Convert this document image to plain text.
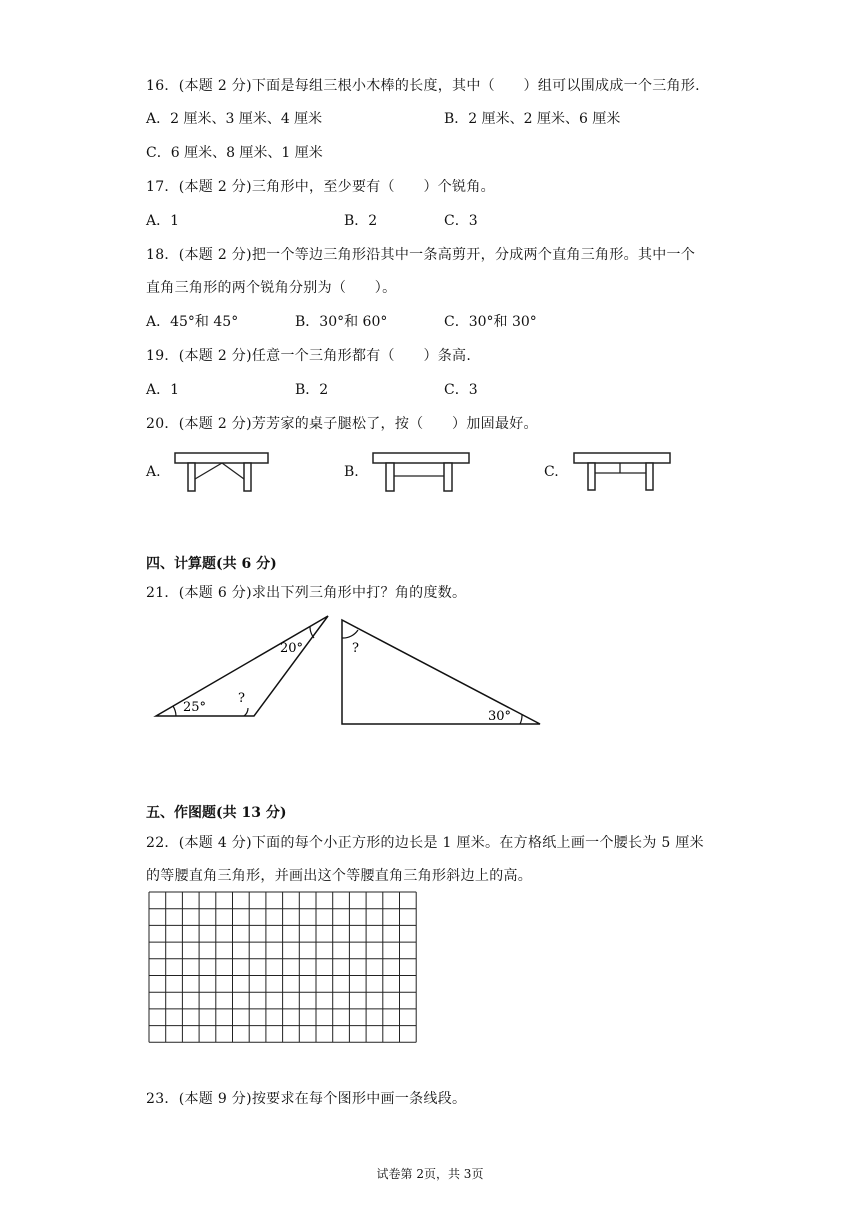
16．(本题 2 分)下面是每组三根小木棒的长度，其中（　　）组可以围成成一个三角形.
A．2 厘米、3 厘米、4 厘米	B．2 厘米、2 厘米、6 厘米
C．6 厘米、8 厘米、1 厘米
17．(本题 2 分)三角形中，至少要有（　　）个锐角。
A．1	B．2	C．3
18．(本题 2 分)把一个等边三角形沿其中一条高剪开，分成两个直角三角形。其中一个
直角三角形的两个锐角分别为（　　）。
A．45°和 45°	B．30°和 60°	C．30°和 30°
19．(本题 2 分)任意一个三角形都有（　　）条高.
A．1	B．2	C．3
20．(本题 2 分)芳芳家的桌子腿松了，按（　　）加固最好。
A.	B.	C.
四、计算题(共 6 分)
21．(本题 6 分)求出下列三角形中打？角的度数。
20°
25°
?
?
30°
五、作图题(共 13 分)
22．(本题 4 分)下面的每个小正方形的边长是 1 厘米。在方格纸上画一个腰长为 5 厘米
的等腰直角三角形，并画出这个等腰直角三角形斜边上的高。
23．(本题 9 分)按要求在每个图形中画一条线段。
试卷第 2页，共 3页
